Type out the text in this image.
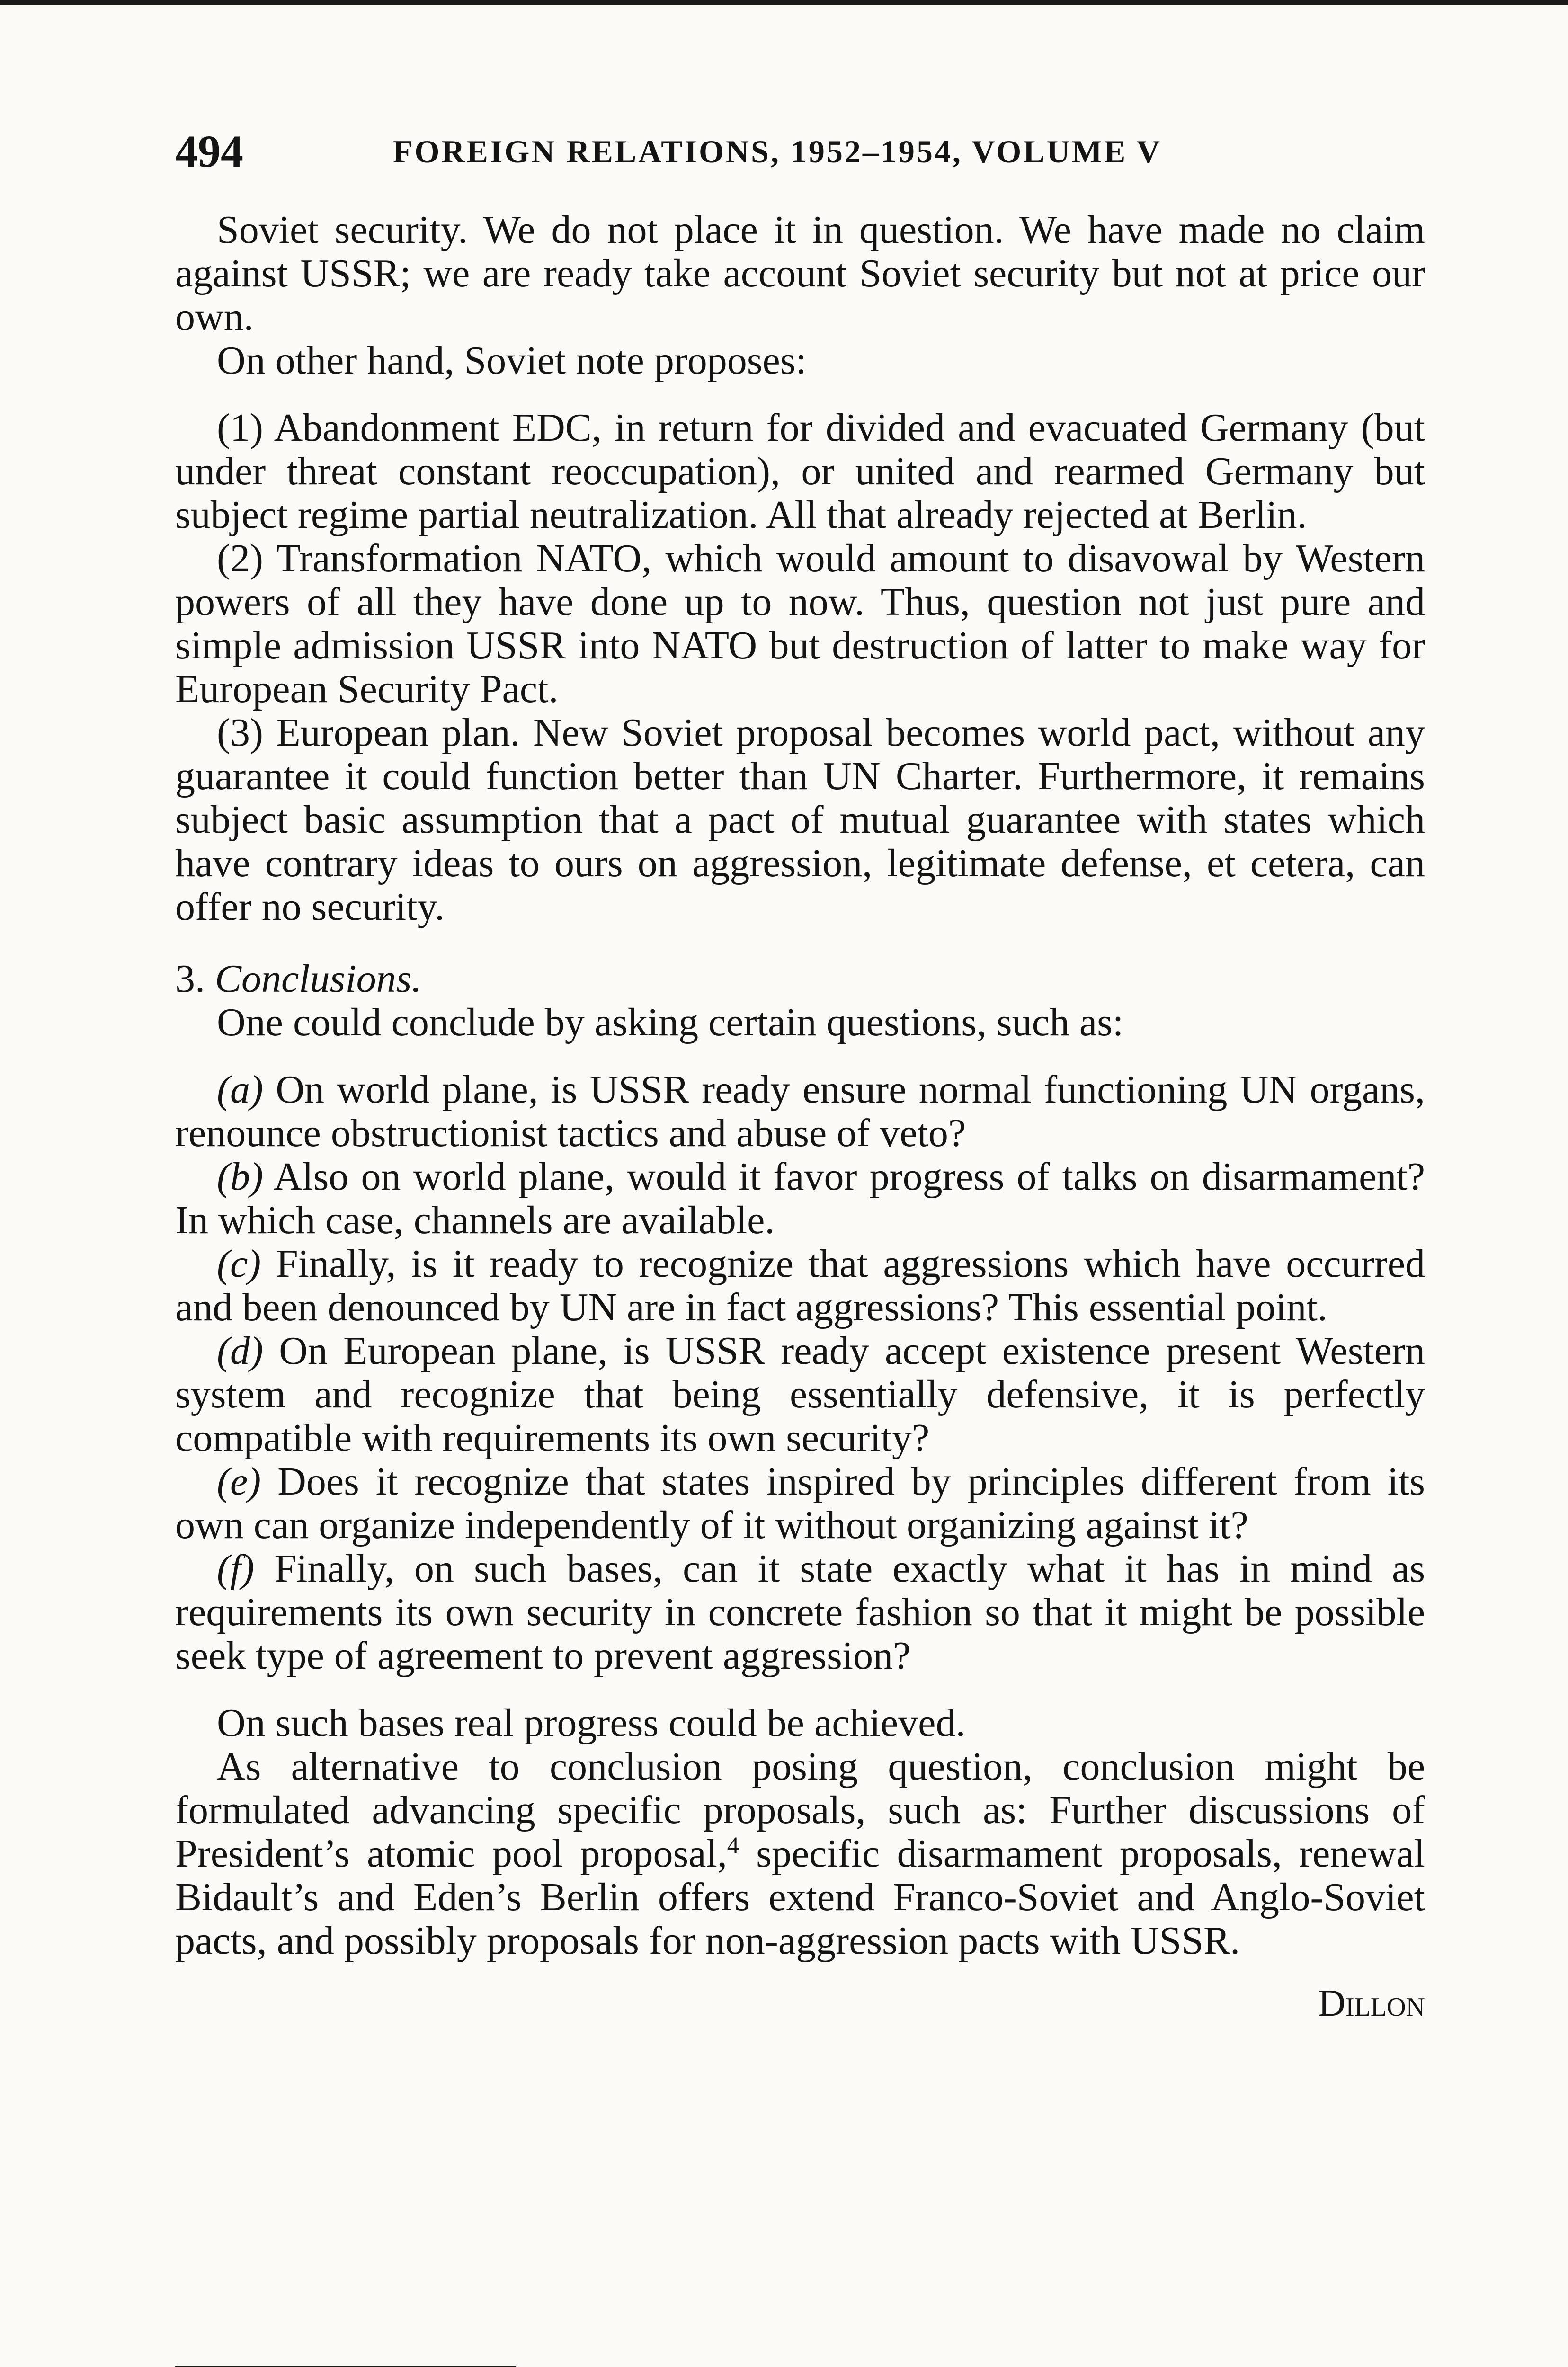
494	FOREIGN RELATIONS, 1952–1954, VOLUME V

Soviet security. We do not place it in question. We have made no claim against USSR; we are ready take account Soviet security but not at price our own.

On other hand, Soviet note proposes:

(1) Abandonment EDC, in return for divided and evacuated Germany (but under threat constant reoccupation), or united and rearmed Germany but subject regime partial neutralization. All that already rejected at Berlin.

(2) Transformation NATO, which would amount to disavowal by Western powers of all they have done up to now. Thus, question not just pure and simple admission USSR into NATO but destruction of latter to make way for European Security Pact.

(3) European plan. New Soviet proposal becomes world pact, without any guarantee it could function better than UN Charter. Furthermore, it remains subject basic assumption that a pact of mutual guarantee with states which have contrary ideas to ours on aggression, legitimate defense, et cetera, can offer no security.

3. Conclusions.

One could conclude by asking certain questions, such as:

(a) On world plane, is USSR ready ensure normal functioning UN organs, renounce obstructionist tactics and abuse of veto?

(b) Also on world plane, would it favor progress of talks on disarmament? In which case, channels are available.

(c) Finally, is it ready to recognize that aggressions which have occurred and been denounced by UN are in fact aggressions? This essential point.

(d) On European plane, is USSR ready accept existence present Western system and recognize that being essentially defensive, it is perfectly compatible with requirements its own security?

(e) Does it recognize that states inspired by principles different from its own can organize independently of it without organizing against it?

(f) Finally, on such bases, can it state exactly what it has in mind as requirements its own security in concrete fashion so that it might be possible seek type of agreement to prevent aggression?

On such bases real progress could be achieved.

As alternative to conclusion posing question, conclusion might be formulated advancing specific proposals, such as: Further discussions of President’s atomic pool proposal,$^4$ specific disarmament proposals, renewal Bidault’s and Eden’s Berlin offers extend Franco-Soviet and Anglo-Soviet pacts, and possibly proposals for non-aggression pacts with USSR.

Dillon
